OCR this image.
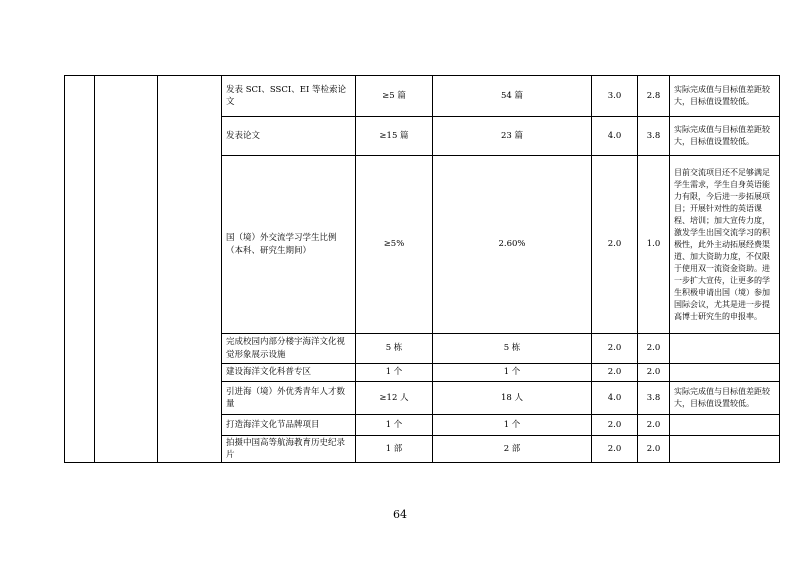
			发表 SCI、SSCI、EI 等检索论文	≥5 篇	54 篇	3.0	2.8	实际完成值与目标值差距较大，目标值设置较低。
			发表论文	≥15 篇	23 篇	4.0	3.8	实际完成值与目标值差距较大，目标值设置较低。
			国（境）外交流学习学生比例（本科、研究生期间）	≥5%	2.60%	2.0	1.0	目前交流项目还不足够满足学生需求，学生自身英语能力有限，今后进一步拓展项目；开展针对性的英语课程、培训；加大宣传力度，激发学生出国交流学习的积极性，此外主动拓展经费渠道、加大资助力度，不仅限于使用双一流资金资助。进一步扩大宣传，让更多的学生积极申请出国（境）参加国际会议，尤其是进一步提高博士研究生的申报率。
			完成校园内部分楼宇海洋文化视觉形象展示设施	5 栋	5 栋	2.0	2.0	
			建设海洋文化科普专区	1 个	1 个	2.0	2.0	
			引进海（境）外优秀青年人才数量	≥12 人	18 人	4.0	3.8	实际完成值与目标值差距较大，目标值设置较低。
			打造海洋文化节品牌项目	1 个	1 个	2.0	2.0	
			拍摄中国高等航海教育历史纪录片	1 部	2 部	2.0	2.0	
64
